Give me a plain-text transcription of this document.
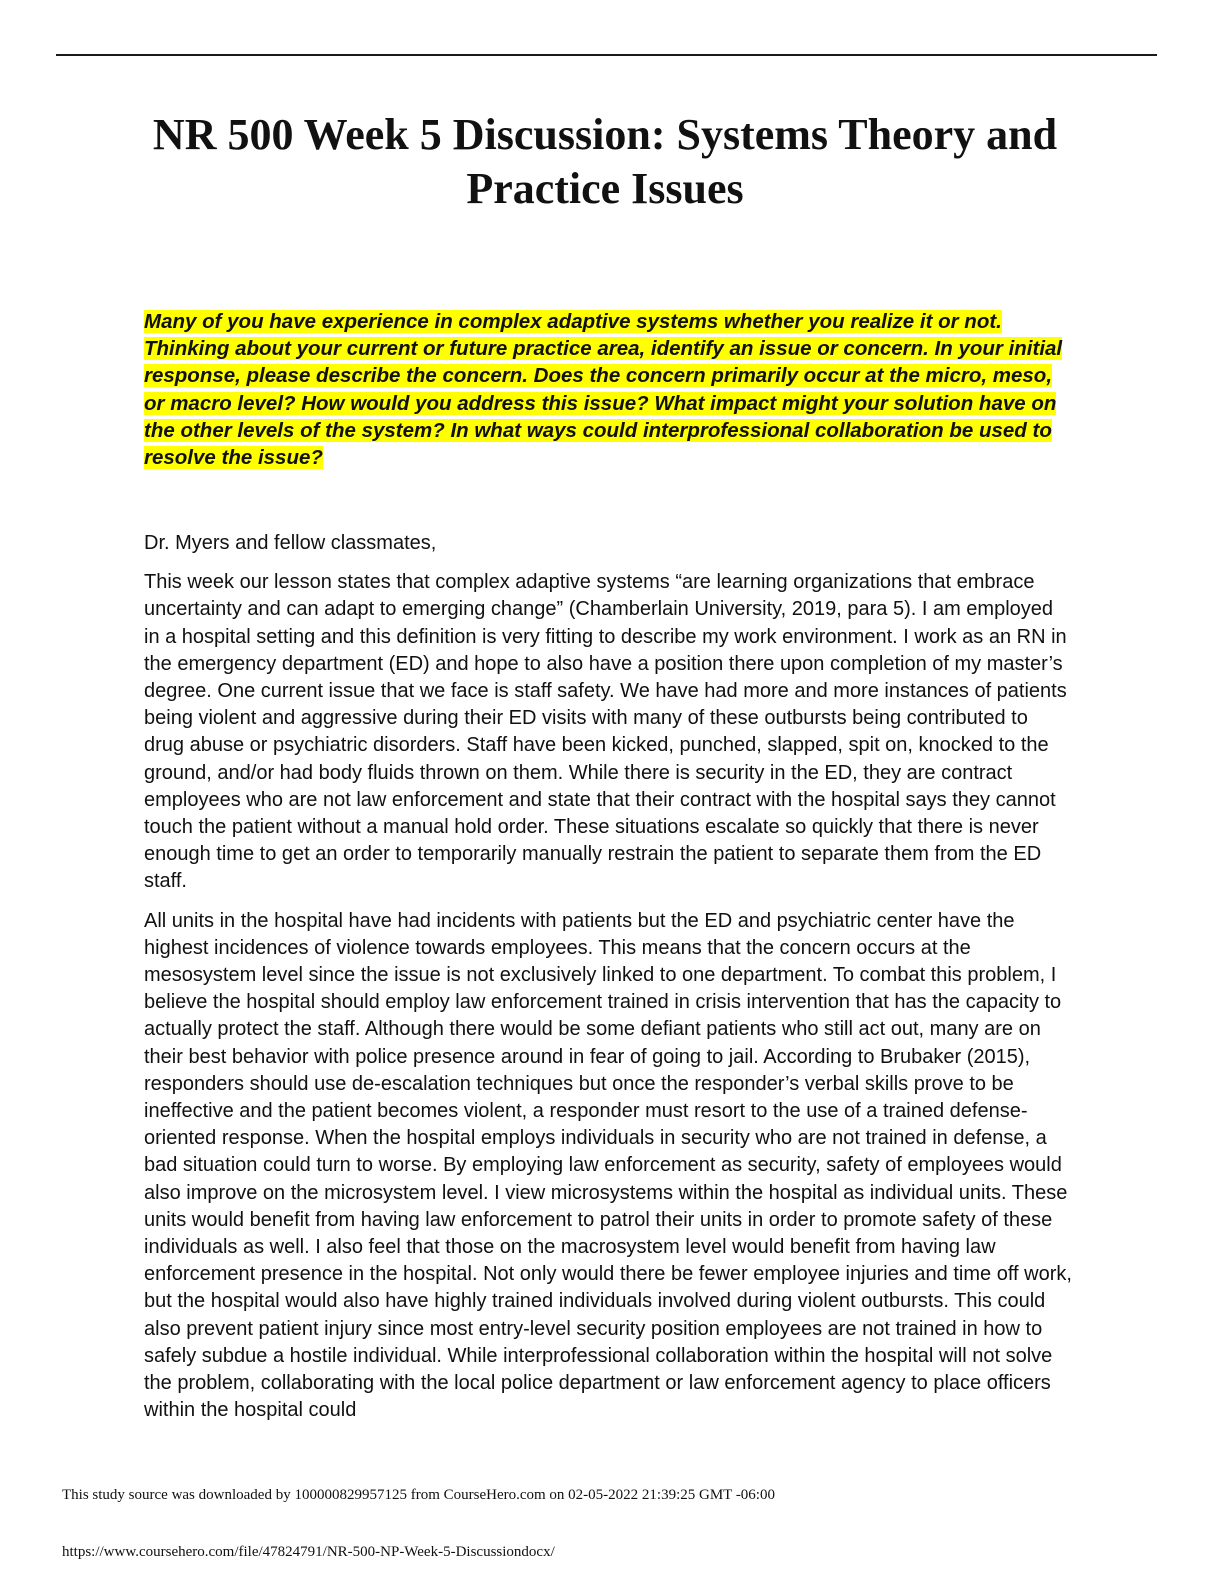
NR 500 Week 5 Discussion: Systems Theory and Practice Issues

Many of you have experience in complex adaptive systems whether you realize it or not. Thinking about your current or future practice area, identify an issue or concern. In your initial response, please describe the concern. Does the concern primarily occur at the micro, meso, or macro level? How would you address this issue? What impact might your solution have on the other levels of the system? In what ways could interprofessional collaboration be used to resolve the issue?

Dr. Myers and fellow classmates,

This week our lesson states that complex adaptive systems “are learning organizations that embrace uncertainty and can adapt to emerging change” (Chamberlain University, 2019, para 5). I am employed in a hospital setting and this definition is very fitting to describe my work environment. I work as an RN in the emergency department (ED) and hope to also have a position there upon completion of my master’s degree. One current issue that we face is staff safety. We have had more and more instances of patients being violent and aggressive during their ED visits with many of these outbursts being contributed to drug abuse or psychiatric disorders. Staff have been kicked, punched, slapped, spit on, knocked to the ground, and/or had body fluids thrown on them. While there is security in the ED, they are contract employees who are not law enforcement and state that their contract with the hospital says they cannot touch the patient without a manual hold order. These situations escalate so quickly that there is never enough time to get an order to temporarily manually restrain the patient to separate them from the ED staff.

All units in the hospital have had incidents with patients but the ED and psychiatric center have the highest incidences of violence towards employees. This means that the concern occurs at the mesosystem level since the issue is not exclusively linked to one department. To combat this problem, I believe the hospital should employ law enforcement trained in crisis intervention that has the capacity to actually protect the staff. Although there would be some defiant patients who still act out, many are on their best behavior with police presence around in fear of going to jail. According to Brubaker (2015), responders should use de-escalation techniques but once the responder’s verbal skills prove to be ineffective and the patient becomes violent, a responder must resort to the use of a trained defense-oriented response. When the hospital employs individuals in security who are not trained in defense, a bad situation could turn to worse. By employing law enforcement as security, safety of employees would also improve on the microsystem level. I view microsystems within the hospital as individual units. These units would benefit from having law enforcement to patrol their units in order to promote safety of these individuals as well. I also feel that those on the macrosystem level would benefit from having law enforcement presence in the hospital. Not only would there be fewer employee injuries and time off work, but the hospital would also have highly trained individuals involved during violent outbursts. This could also prevent patient injury since most entry-level security position employees are not trained in how to safely subdue a hostile individual. While interprofessional collaboration within the hospital will not solve the problem, collaborating with the local police department or law enforcement agency to place officers within the hospital could

This study source was downloaded by 100000829957125 from CourseHero.com on 02-05-2022 21:39:25 GMT -06:00
https://www.coursehero.com/file/47824791/NR-500-NP-Week-5-Discussiondocx/
